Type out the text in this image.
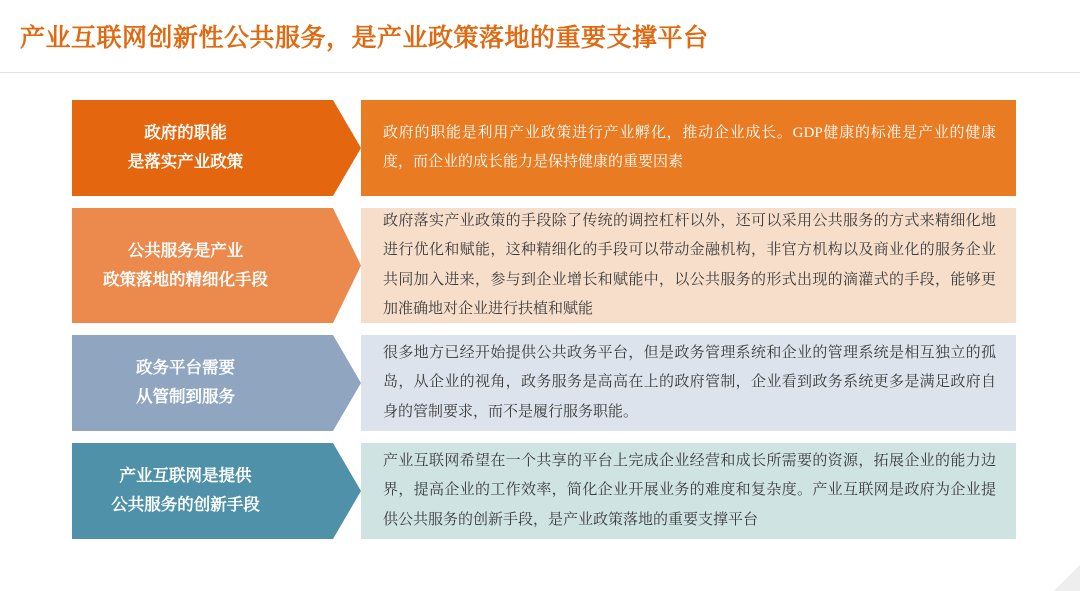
产业互联网创新性公共服务，是产业政策落地的重要支撑平台
政府的职能
是落实产业政策
政府的职能是利用产业政策进行产业孵化，推动企业成长。GDP健康的标准是产业的健康度，而企业的成长能力是保持健康的重要因素
公共服务是产业
政策落地的精细化手段
政府落实产业政策的手段除了传统的调控杠杆以外，还可以采用公共服务的方式来精细化地进行优化和赋能，这种精细化的手段可以带动金融机构，非官方机构以及商业化的服务企业共同加入进来，参与到企业增长和赋能中，以公共服务的形式出现的滴灌式的手段，能够更加准确地对企业进行扶植和赋能
政务平台需要
从管制到服务
很多地方已经开始提供公共政务平台，但是政务管理系统和企业的管理系统是相互独立的孤岛，从企业的视角，政务服务是高高在上的政府管制，企业看到政务系统更多是满足政府自身的管制要求，而不是履行服务职能。
产业互联网是提供
公共服务的创新手段
产业互联网希望在一个共享的平台上完成企业经营和成长所需要的资源，拓展企业的能力边界，提高企业的工作效率，简化企业开展业务的难度和复杂度。产业互联网是政府为企业提供公共服务的创新手段，是产业政策落地的重要支撑平台
